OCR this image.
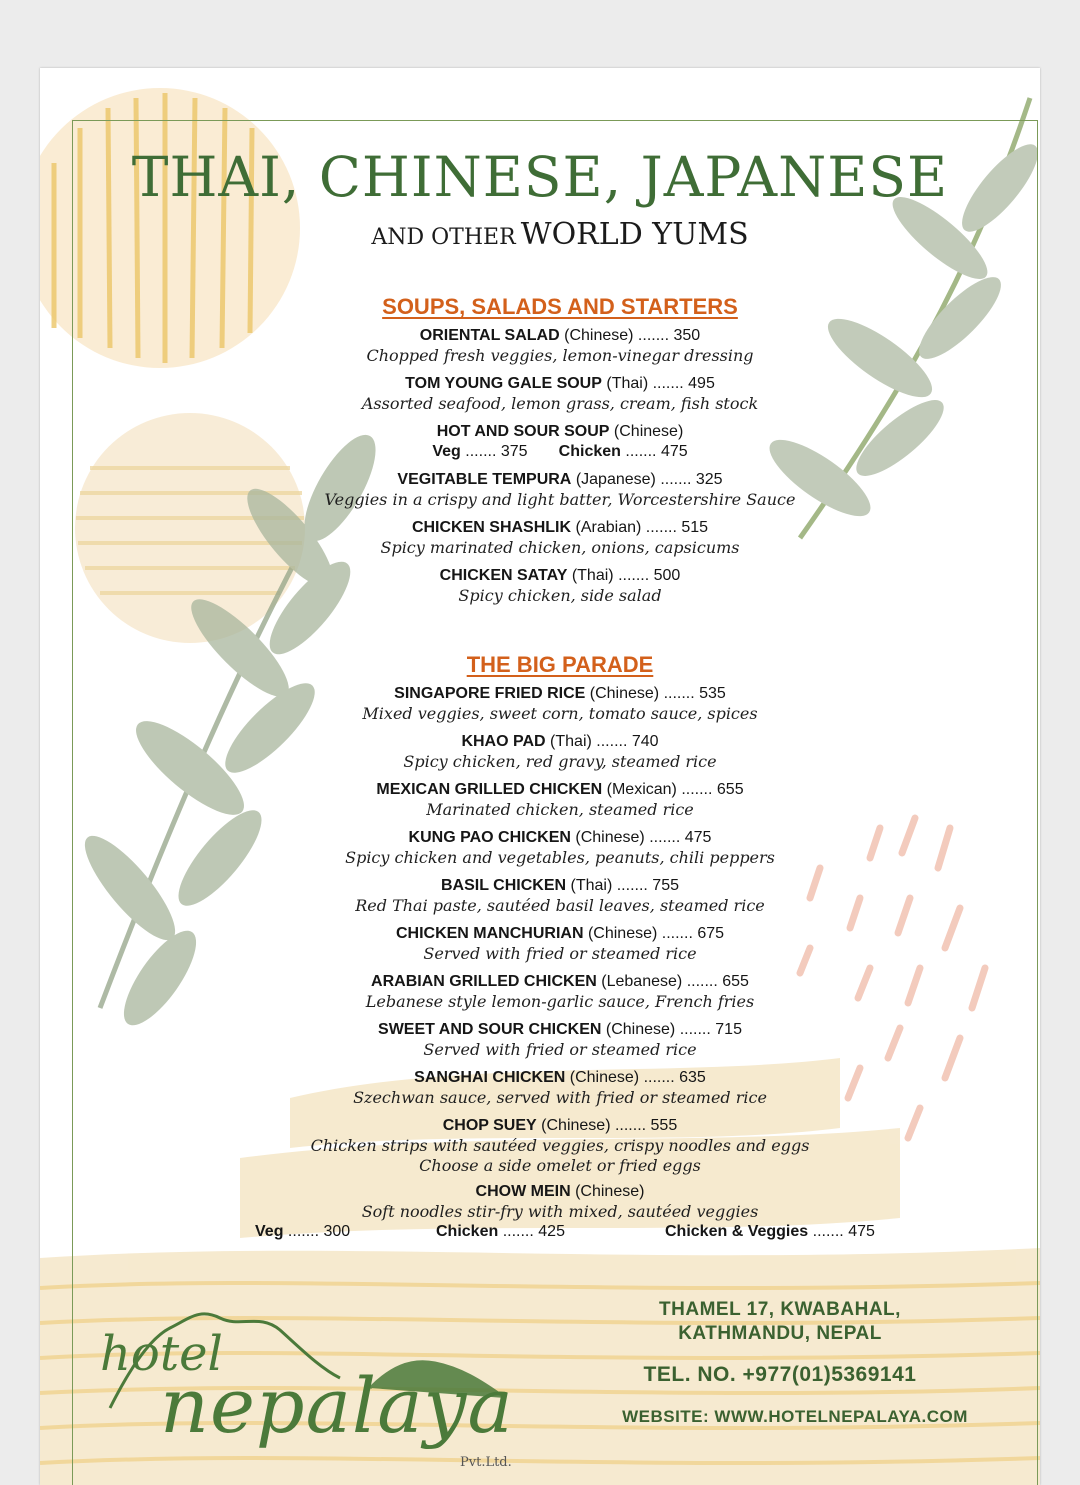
THAI, CHINESE, JAPANESE
AND OTHER WORLD YUMS
SOUPS, SALADS AND STARTERS
ORIENTAL SALAD (Chinese) ....... 350
Chopped fresh veggies, lemon-vinegar dressing
TOM YOUNG GALE SOUP (Thai) ....... 495
Assorted seafood, lemon grass, cream, fish stock
HOT AND SOUR SOUP (Chinese)
Veg ....... 375 Chicken ....... 475
VEGITABLE TEMPURA (Japanese) ....... 325
Veggies in a crispy and light batter, Worcestershire Sauce
CHICKEN SHASHLIK (Arabian) ....... 515
Spicy marinated chicken, onions, capsicums
CHICKEN SATAY (Thai) ....... 500
Spicy chicken, side salad
THE BIG PARADE
SINGAPORE FRIED RICE (Chinese) ....... 535
Mixed veggies, sweet corn, tomato sauce, spices
KHAO PAD (Thai) ....... 740
Spicy chicken, red gravy, steamed rice
MEXICAN GRILLED CHICKEN (Mexican) ....... 655
Marinated chicken, steamed rice
KUNG PAO CHICKEN (Chinese) ....... 475
Spicy chicken and vegetables, peanuts, chili peppers
BASIL CHICKEN (Thai) ....... 755
Red Thai paste, sautéed basil leaves, steamed rice
CHICKEN MANCHURIAN (Chinese) ....... 675
Served with fried or steamed rice
ARABIAN GRILLED CHICKEN (Lebanese) ....... 655
Lebanese style lemon-garlic sauce, French fries
SWEET AND SOUR CHICKEN (Chinese) ....... 715
Served with fried or steamed rice
SANGHAI CHICKEN (Chinese) ....... 635
Szechwan sauce, served with fried or steamed rice
CHOP SUEY (Chinese) ....... 555
Chicken strips with sautéed veggies, crispy noodles and eggs
Choose a side omelet or fried eggs
CHOW MEIN (Chinese)
Soft noodles stir-fry with mixed, sautéed veggies
Veg ....... 300	Chicken ....... 425	Chicken & Veggies ....... 475
hotel
nepalaya
Pvt.Ltd.
THAMEL 17, KWABAHAL,
KATHMANDU, NEPAL
TEL. NO. +977(01)5369141
WEBSITE: WWW.HOTELNEPALAYA.COM
